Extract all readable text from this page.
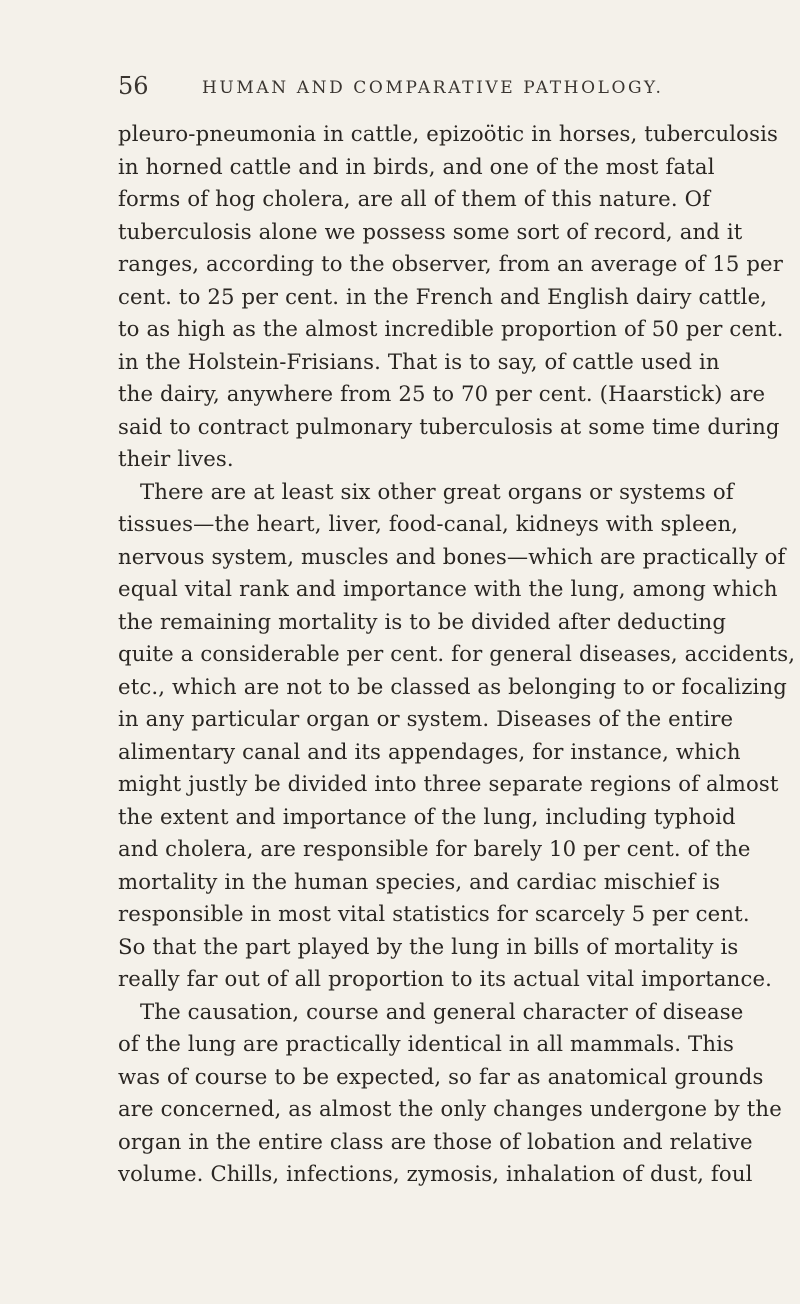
56	HUMAN AND COMPARATIVE PATHOLOGY.
pleuro-pneumonia in cattle, epizoötic in horses, tuberculosis
in horned cattle and in birds, and one of the most fatal
forms of hog cholera, are all of them of this nature. Of
tuberculosis alone we possess some sort of record, and it
ranges, according to the observer, from an average of 15 per
cent. to 25 per cent. in the French and English dairy cattle,
to as high as the almost incredible proportion of 50 per cent.
in the Holstein-Frisians. That is to say, of cattle used in
the dairy, anywhere from 25 to 70 per cent. (Haarstick) are
said to contract pulmonary tuberculosis at some time during
their lives.
There are at least six other great organs or systems of
tissues—the heart, liver, food-canal, kidneys with spleen,
nervous system, muscles and bones—which are practically of
equal vital rank and importance with the lung, among which
the remaining mortality is to be divided after deducting
quite a considerable per cent. for general diseases, accidents,
etc., which are not to be classed as belonging to or focalizing
in any particular organ or system. Diseases of the entire
alimentary canal and its appendages, for instance, which
might justly be divided into three separate regions of almost
the extent and importance of the lung, including typhoid
and cholera, are responsible for barely 10 per cent. of the
mortality in the human species, and cardiac mischief is
responsible in most vital statistics for scarcely 5 per cent.
So that the part played by the lung in bills of mortality is
really far out of all proportion to its actual vital importance.
The causation, course and general character of disease
of the lung are practically identical in all mammals. This
was of course to be expected, so far as anatomical grounds
are concerned, as almost the only changes undergone by the
organ in the entire class are those of lobation and relative
volume. Chills, infections, zymosis, inhalation of dust, foul
